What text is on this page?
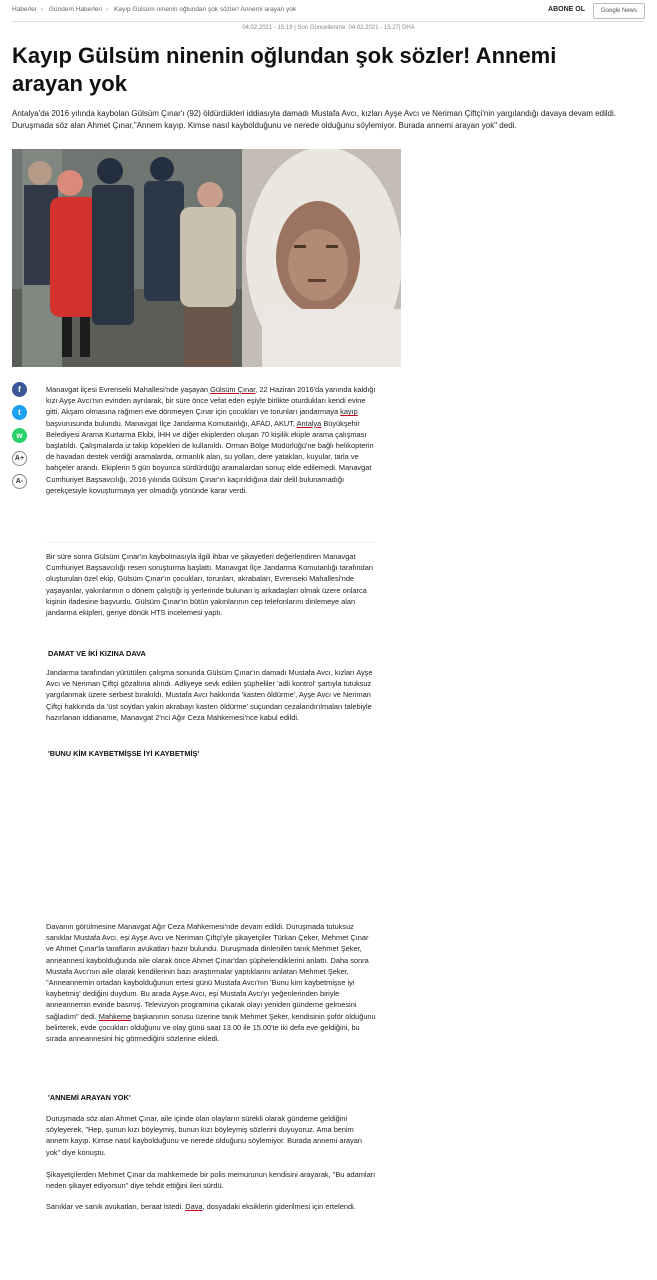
Haberler › Gündem Haberleri › Kayıp Gülsüm ninenin oğlundan şok sözler! Annemi arayan yok	ABONE OL	Google News
04.02.2021 - 15:19 | Son Güncellenme: 04.02.2021 - 15:27| DHA
Kayıp Gülsüm ninenin oğlundan şok sözler! Annemi arayan yok

Antalya'da 2016 yılında kaybolan Gülsüm Çınar'ı (92) öldürdükleri iddiasıyla damadı Mustafa Avcı, kızları Ayşe Avcı ve Neriman Çiftçi'nin yargılandığı davaya devam edildi. Duruşmada söz alan Ahmet Çınar,"Annem kayıp. Kimse nasıl kaybolduğunu ve nerede olduğunu söylemiyor. Burada annemi arayan yok" dedi.

f
t
w
A+
A-

Manavgat ilçesi Evrenseki Mahallesi'nde yaşayan Gülsüm Çınar, 22 Haziran 2016'da yanında kaldığı kızı Ayşe Avcı'nın evinden ayrılarak, bir süre önce vefat eden eşiyle birlikte oturdukları kendi evine gitti. Akşam olmasına rağmen eve dönmeyen Çınar için çocukları ve torunları jandarmaya kayıp başvurusunda bulundu. Manavgat İlçe Jandarma Komutanlığı, AFAD, AKUT, Antalya Büyükşehir Belediyesi Arama Kurtarma Ekibi, İHH ve diğer ekiplerden oluşan 70 kişilik ekiple arama çalışması başlatıldı. Çalışmalarda iz takip köpekleri de kullanıldı. Orman Bölge Müdürlüğü'ne bağlı helikopterin de havadan destek verdiği aramalarda, ormanlık alan, su yolları, dere yatakları, kuyular, tarla ve bahçeler arandı. Ekiplerin 5 gün boyunca sürdürdüğü aramalardan sonuç elde edilemedi. Manavgat Cumhuriyet Başsavcılığı, 2016 yılında Gülsüm Çınar'ın kaçırıldığına dair delil bulunamadığı gerekçesiyle kovuşturmaya yer olmadığı yönünde karar verdi.

Bir süre sonra Gülsüm Çınar'ın kaybolmasıyla ilgili ihbar ve şikayetleri değerlendiren Manavgat Cumhuriyet Başsavcılığı resen soruşturma başlattı. Manavgat İlçe Jandarma Komutanlığı tarafından oluşturulan özel ekip, Gülsüm Çınar'ın çocukları, torunları, akrabaları, Evrenseki Mahallesi'nde yaşayanlar, yakınlarının o dönem çalıştığı iş yerlerinde bulunan iş arkadaşları olmak üzere onlarca kişinin ifadesine başvurdu. Gülsüm Çınar'ın bütün yakınlarının cep telefonlarını dinlemeye alan jandarma ekipleri, geriye dönük HTS incelemesi yaptı.

DAMAT VE İKİ KIZINA DAVA

Jandarma tarafından yürütülen çalışma sonunda Gülsüm Çınar'ın damadı Mustafa Avcı, kızları Ayşe Avcı ve Neriman Çiftçi gözaltına alındı. Adliyeye sevk edilen şüpheliler 'adli kontrol' şartıyla tutuksuz yargılanmak üzere serbest bırakıldı. Mustafa Avcı hakkında 'kasten öldürme', Ayşe Avcı ve Neriman Çiftçi hakkında da 'üst soydan yakın akrabayı kasten öldürme' suçundan cezalandırılmaları talebiyle hazırlanan iddianame, Manavgat 2'nci Ağır Ceza Mahkemesi'nce kabul edildi.

'BUNU KİM KAYBETMİŞSE İYİ KAYBETMİŞ'

Davanın görülmesine Manavgat Ağır Ceza Mahkemesi'nde devam edildi. Duruşmada tutuksuz sanıklar Mustafa Avcı, eşi Ayşe Avcı ve Neriman Çiftçi'yle şikayetçiler Türkan Çeker, Mehmet Çınar ve Ahmet Çınar'la tarafların avukatları hazır bulundu. Duruşmada dinlenilen tanık Mehmet Şeker, anneannesi kaybolduğunda aile olarak önce Ahmet Çınar'dan şüphelendiklerini anlattı. Daha sonra Mustafa Avcı'nın aile olarak kendilerinin bazı araştırmalar yaptıklarını anlatan Mehmet Şeker, "Anneannemin ortadan kaybolduğunun ertesi günü Mustafa Avcı'nın 'Bunu kim kaybetmişse iyi kaybetmiş' dediğini duydum. Bu arada Ayşe Avcı, eşi Mustafa Avcı'yı yeğenlerinden biriyle anneannemin evinde basmış. Televizyon programına çıkarak olayı yeniden gündeme gelmesini sağladım" dedi. Mahkeme başkanının sorusu üzerine tanık Mehmet Şeker, kendisinin şoför olduğunu belirterek, evde çocukları olduğunu ve olay günü saat 13.00 ile 15.00'te iki defa eve geldiğini, bu sırada anneannesini hiç görmediğini sözlerine ekledi.

'ANNEMİ ARAYAN YOK'

Duruşmada söz alan Ahmet Çınar, aile içinde olan olayların sürekli olarak gündeme geldiğini söyleyerek, "Hep, şunun kızı böyleymiş, bunun kızı böyleymiş sözlerini duyuyoruz. Ama benim annem kayıp. Kimse nasıl kaybolduğunu ve nerede olduğunu söylemiyor. Burada annemi arayan yok" diye konuştu.

Şikayetçilerden Mehmet Çınar da mahkemede bir polis memurunun kendisini arayarak, "Bu adamları neden şikayet ediyorsun" diye tehdit ettiğini ileri sürdü.

Sanıklar ve sanık avukatları, beraat istedi. Dava, dosyadaki eksiklerin giderilmesi için ertelendi.
